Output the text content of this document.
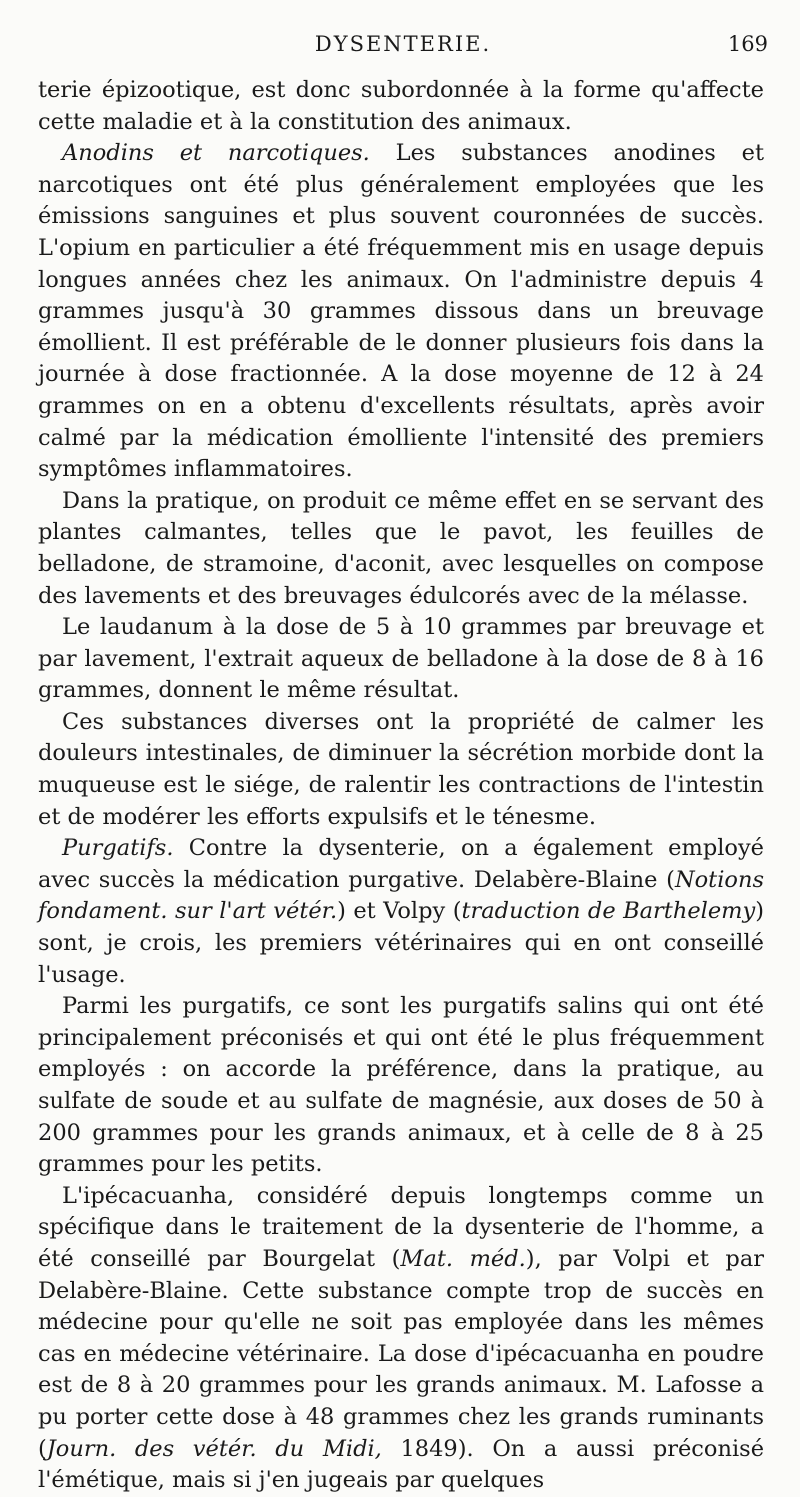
DYSENTERIE.	169

terie épizootique, est donc subordonnée à la forme qu'affecte cette maladie et à la constitution des animaux.

Anodins et narcotiques. Les substances anodines et narcotiques ont été plus généralement employées que les émissions sanguines et plus souvent couronnées de succès. L'opium en particulier a été fréquemment mis en usage depuis longues années chez les animaux. On l'administre depuis 4 grammes jusqu'à 30 grammes dissous dans un breuvage émollient. Il est préférable de le donner plusieurs fois dans la journée à dose fractionnée. A la dose moyenne de 12 à 24 grammes on en a obtenu d'excellents résultats, après avoir calmé par la médication émolliente l'intensité des premiers symptômes inflammatoires.

Dans la pratique, on produit ce même effet en se servant des plantes calmantes, telles que le pavot, les feuilles de belladone, de stramoine, d'aconit, avec lesquelles on compose des lavements et des breuvages édulcorés avec de la mélasse.

Le laudanum à la dose de 5 à 10 grammes par breuvage et par lavement, l'extrait aqueux de belladone à la dose de 8 à 16 grammes, donnent le même résultat.

Ces substances diverses ont la propriété de calmer les douleurs intestinales, de diminuer la sécrétion morbide dont la muqueuse est le siége, de ralentir les contractions de l'intestin et de modérer les efforts expulsifs et le ténesme.

Purgatifs. Contre la dysenterie, on a également employé avec succès la médication purgative. Delabère-Blaine (Notions fondament. sur l'art vétér.) et Volpy (traduction de Barthelemy) sont, je crois, les premiers vétérinaires qui en ont conseillé l'usage.

Parmi les purgatifs, ce sont les purgatifs salins qui ont été principalement préconisés et qui ont été le plus fréquemment employés : on accorde la préférence, dans la pratique, au sulfate de soude et au sulfate de magnésie, aux doses de 50 à 200 grammes pour les grands animaux, et à celle de 8 à 25 grammes pour les petits.

L'ipécacuanha, considéré depuis longtemps comme un spécifique dans le traitement de la dysenterie de l'homme, a été conseillé par Bourgelat (Mat. méd.), par Volpi et par Delabère-Blaine. Cette substance compte trop de succès en médecine pour qu'elle ne soit pas employée dans les mêmes cas en médecine vétérinaire. La dose d'ipécacuanha en poudre est de 8 à 20 grammes pour les grands animaux. M. Lafosse a pu porter cette dose à 48 grammes chez les grands ruminants (Journ. des vétér. du Midi, 1849). On a aussi préconisé l'émétique, mais si j'en jugeais par quelques
